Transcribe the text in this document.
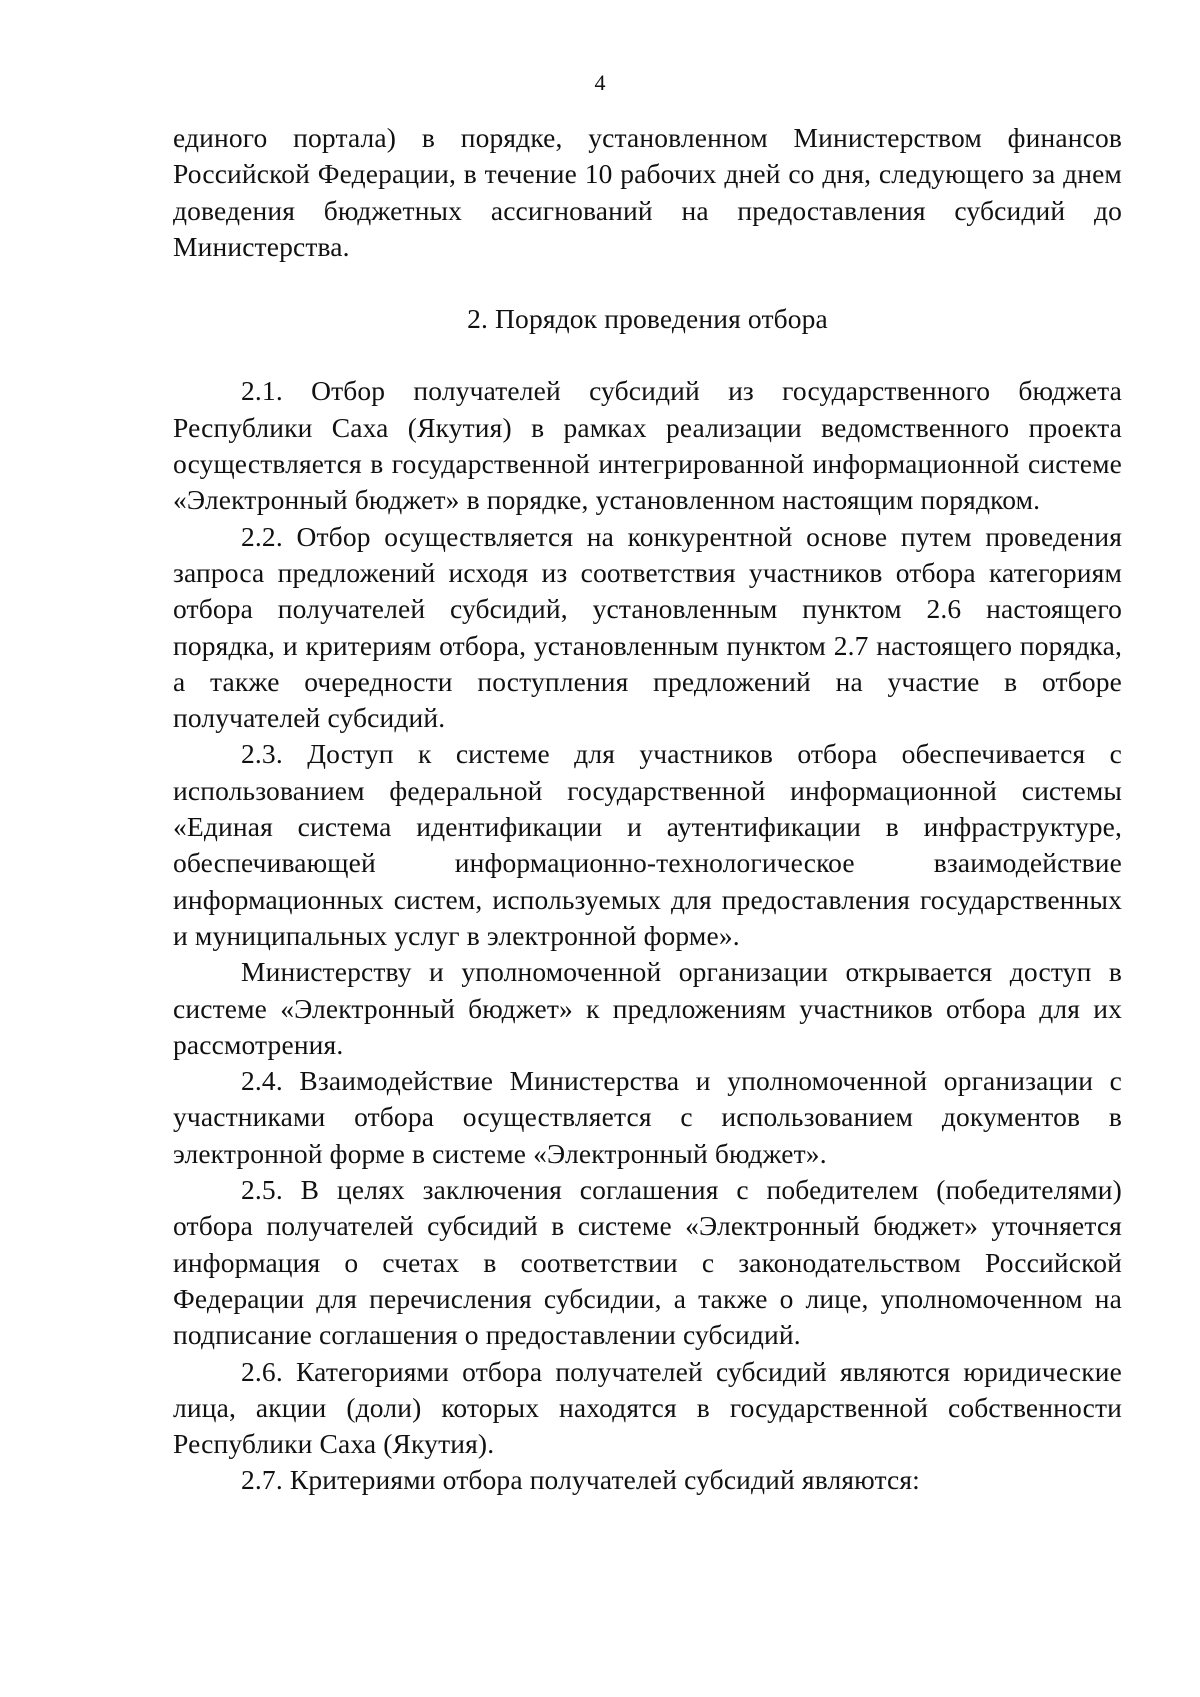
4

единого портала) в порядке, установленном Министерством финансов Российской Федерации, в течение 10 рабочих дней со дня, следующего за днем доведения бюджетных ассигнований на предоставления субсидий до Министерства.

2. Порядок проведения отбора

2.1. Отбор получателей субсидий из государственного бюджета Республики Саха (Якутия) в рамках реализации ведомственного проекта осуществляется в государственной интегрированной информационной системе «Электронный бюджет» в порядке, установленном настоящим порядком.

2.2. Отбор осуществляется на конкурентной основе путем проведения запроса предложений исходя из соответствия участников отбора категориям отбора получателей субсидий, установленным пунктом 2.6 настоящего порядка, и критериям отбора, установленным пунктом 2.7 настоящего порядка, а также очередности поступления предложений на участие в отборе получателей субсидий.

2.3. Доступ к системе для участников отбора обеспечивается с использованием федеральной государственной информационной системы «Единая система идентификации и аутентификации в инфраструктуре, обеспечивающей информационно-технологическое взаимодействие информационных систем, используемых для предоставления государственных и муниципальных услуг в электронной форме».

Министерству и уполномоченной организации открывается доступ в системе «Электронный бюджет» к предложениям участников отбора для их рассмотрения.

2.4. Взаимодействие Министерства и уполномоченной организации с участниками отбора осуществляется с использованием документов в электронной форме в системе «Электронный бюджет».

2.5. В целях заключения соглашения с победителем (победителями) отбора получателей субсидий в системе «Электронный бюджет» уточняется информация о счетах в соответствии с законодательством Российской Федерации для перечисления субсидии, а также о лице, уполномоченном на подписание соглашения о предоставлении субсидий.

2.6. Категориями отбора получателей субсидий являются юридические лица, акции (доли) которых находятся в государственной собственности Республики Саха (Якутия).

2.7. Критериями отбора получателей субсидий являются:
